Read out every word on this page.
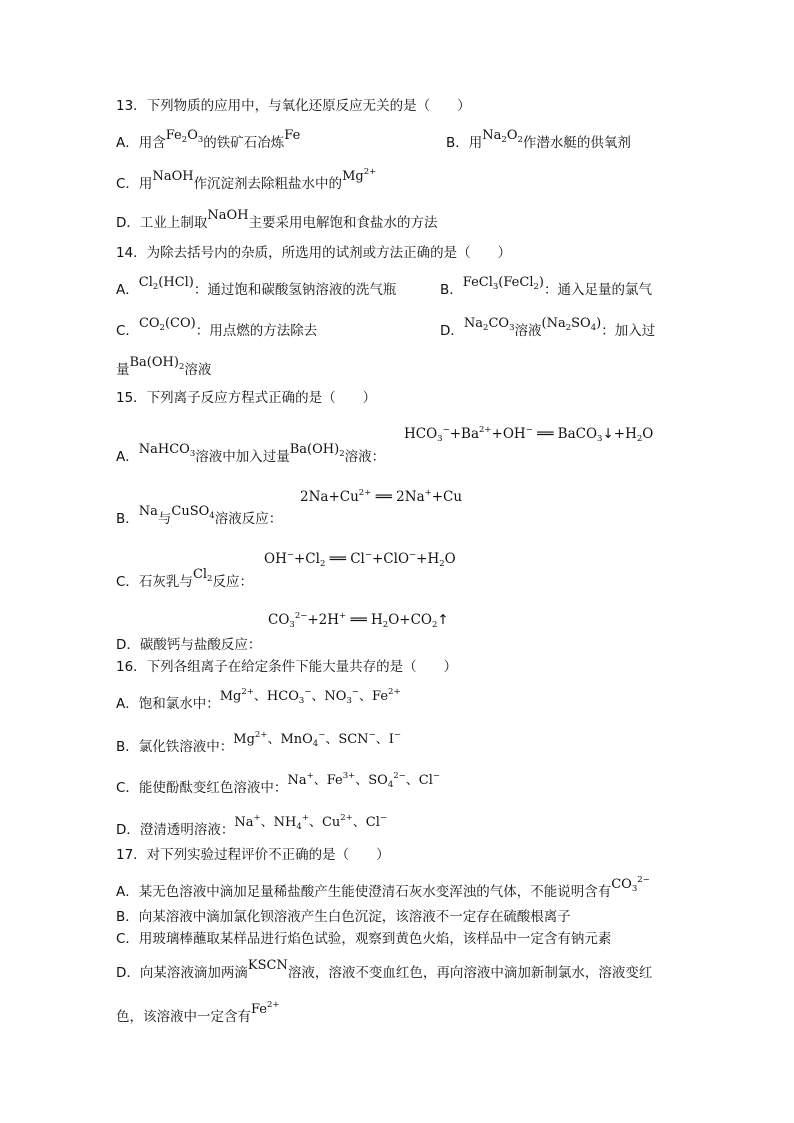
13．下列物质的应用中，与氧化还原反应无关的是（　　）
A．用含$Fe_2O_3$的铁矿石冶炼Fe	B．用$Na_2O_2$作潜水艇的供氧剂
C．用NaOH作沉淀剂去除粗盐水中的$Mg^{2+}$
D．工业上制取NaOH主要采用电解饱和食盐水的方法
14．为除去括号内的杂质，所选用的试剂或方法正确的是（　　）
A．$Cl_2(HCl)$：通过饱和碳酸氢钠溶液的洗气瓶	B．FeCl$_3$(FeCl$_2$)：通入足量的氯气
C．$CO_2(CO)$：用点燃的方法除去	D．$Na_2CO_3$溶液$(Na_2SO_4)$：加入过
量$Ba(OH)_2$溶液
15．下列离子反应方程式正确的是（　　）
$HCO_3^-+Ba^{2+}+OH^-$ ══ $BaCO_3↓+H_2O$
A．NaHCO$_3$溶液中加入过量$Ba(OH)_2$溶液：
$2Na+Cu^{2+}$ ══ 2Na++Cu
B．Na与CuSO$_4$溶液反应：
$OH^-+Cl_2$ ══ $Cl^-+ClO^-+H_2O$
C．石灰乳与$Cl_2$反应：
$CO_3^{2-}+2H^+$ ══ $H_2O+CO_2↑$
D．碳酸钙与盐酸反应：
16．下列各组离子在给定条件下能大量共存的是（　　）
A．饱和氯水中：$Mg^{2+}$、$HCO_3^-$、$NO_3^-$、$Fe^{2+}$
B．氯化铁溶液中：$Mg^{2+}$、MnO$_4$−、SCN−、I−
C．能使酚酞变红色溶液中：Na+、$Fe^{3+}$、$SO_4^{2-}$、Cl−
D．澄清透明溶液：Na+、$NH_4^+$、$Cu^{2+}$、Cl−
17．对下列实验过程评价不正确的是（　　）
A．某无色溶液中滴加足量稀盐酸产生能使澄清石灰水变浑浊的气体，不能说明含有$CO_3^{2-}$
B．向某溶液中滴加氯化钡溶液产生白色沉淀，该溶液不一定存在硫酸根离子
C．用玻璃棒蘸取某样品进行焰色试验，观察到黄色火焰，该样品中一定含有钠元素
D．向某溶液滴加两滴KSCN溶液，溶液不变血红色，再向溶液中滴加新制氯水，溶液变红
色，该溶液中一定含有$Fe^{2+}$
